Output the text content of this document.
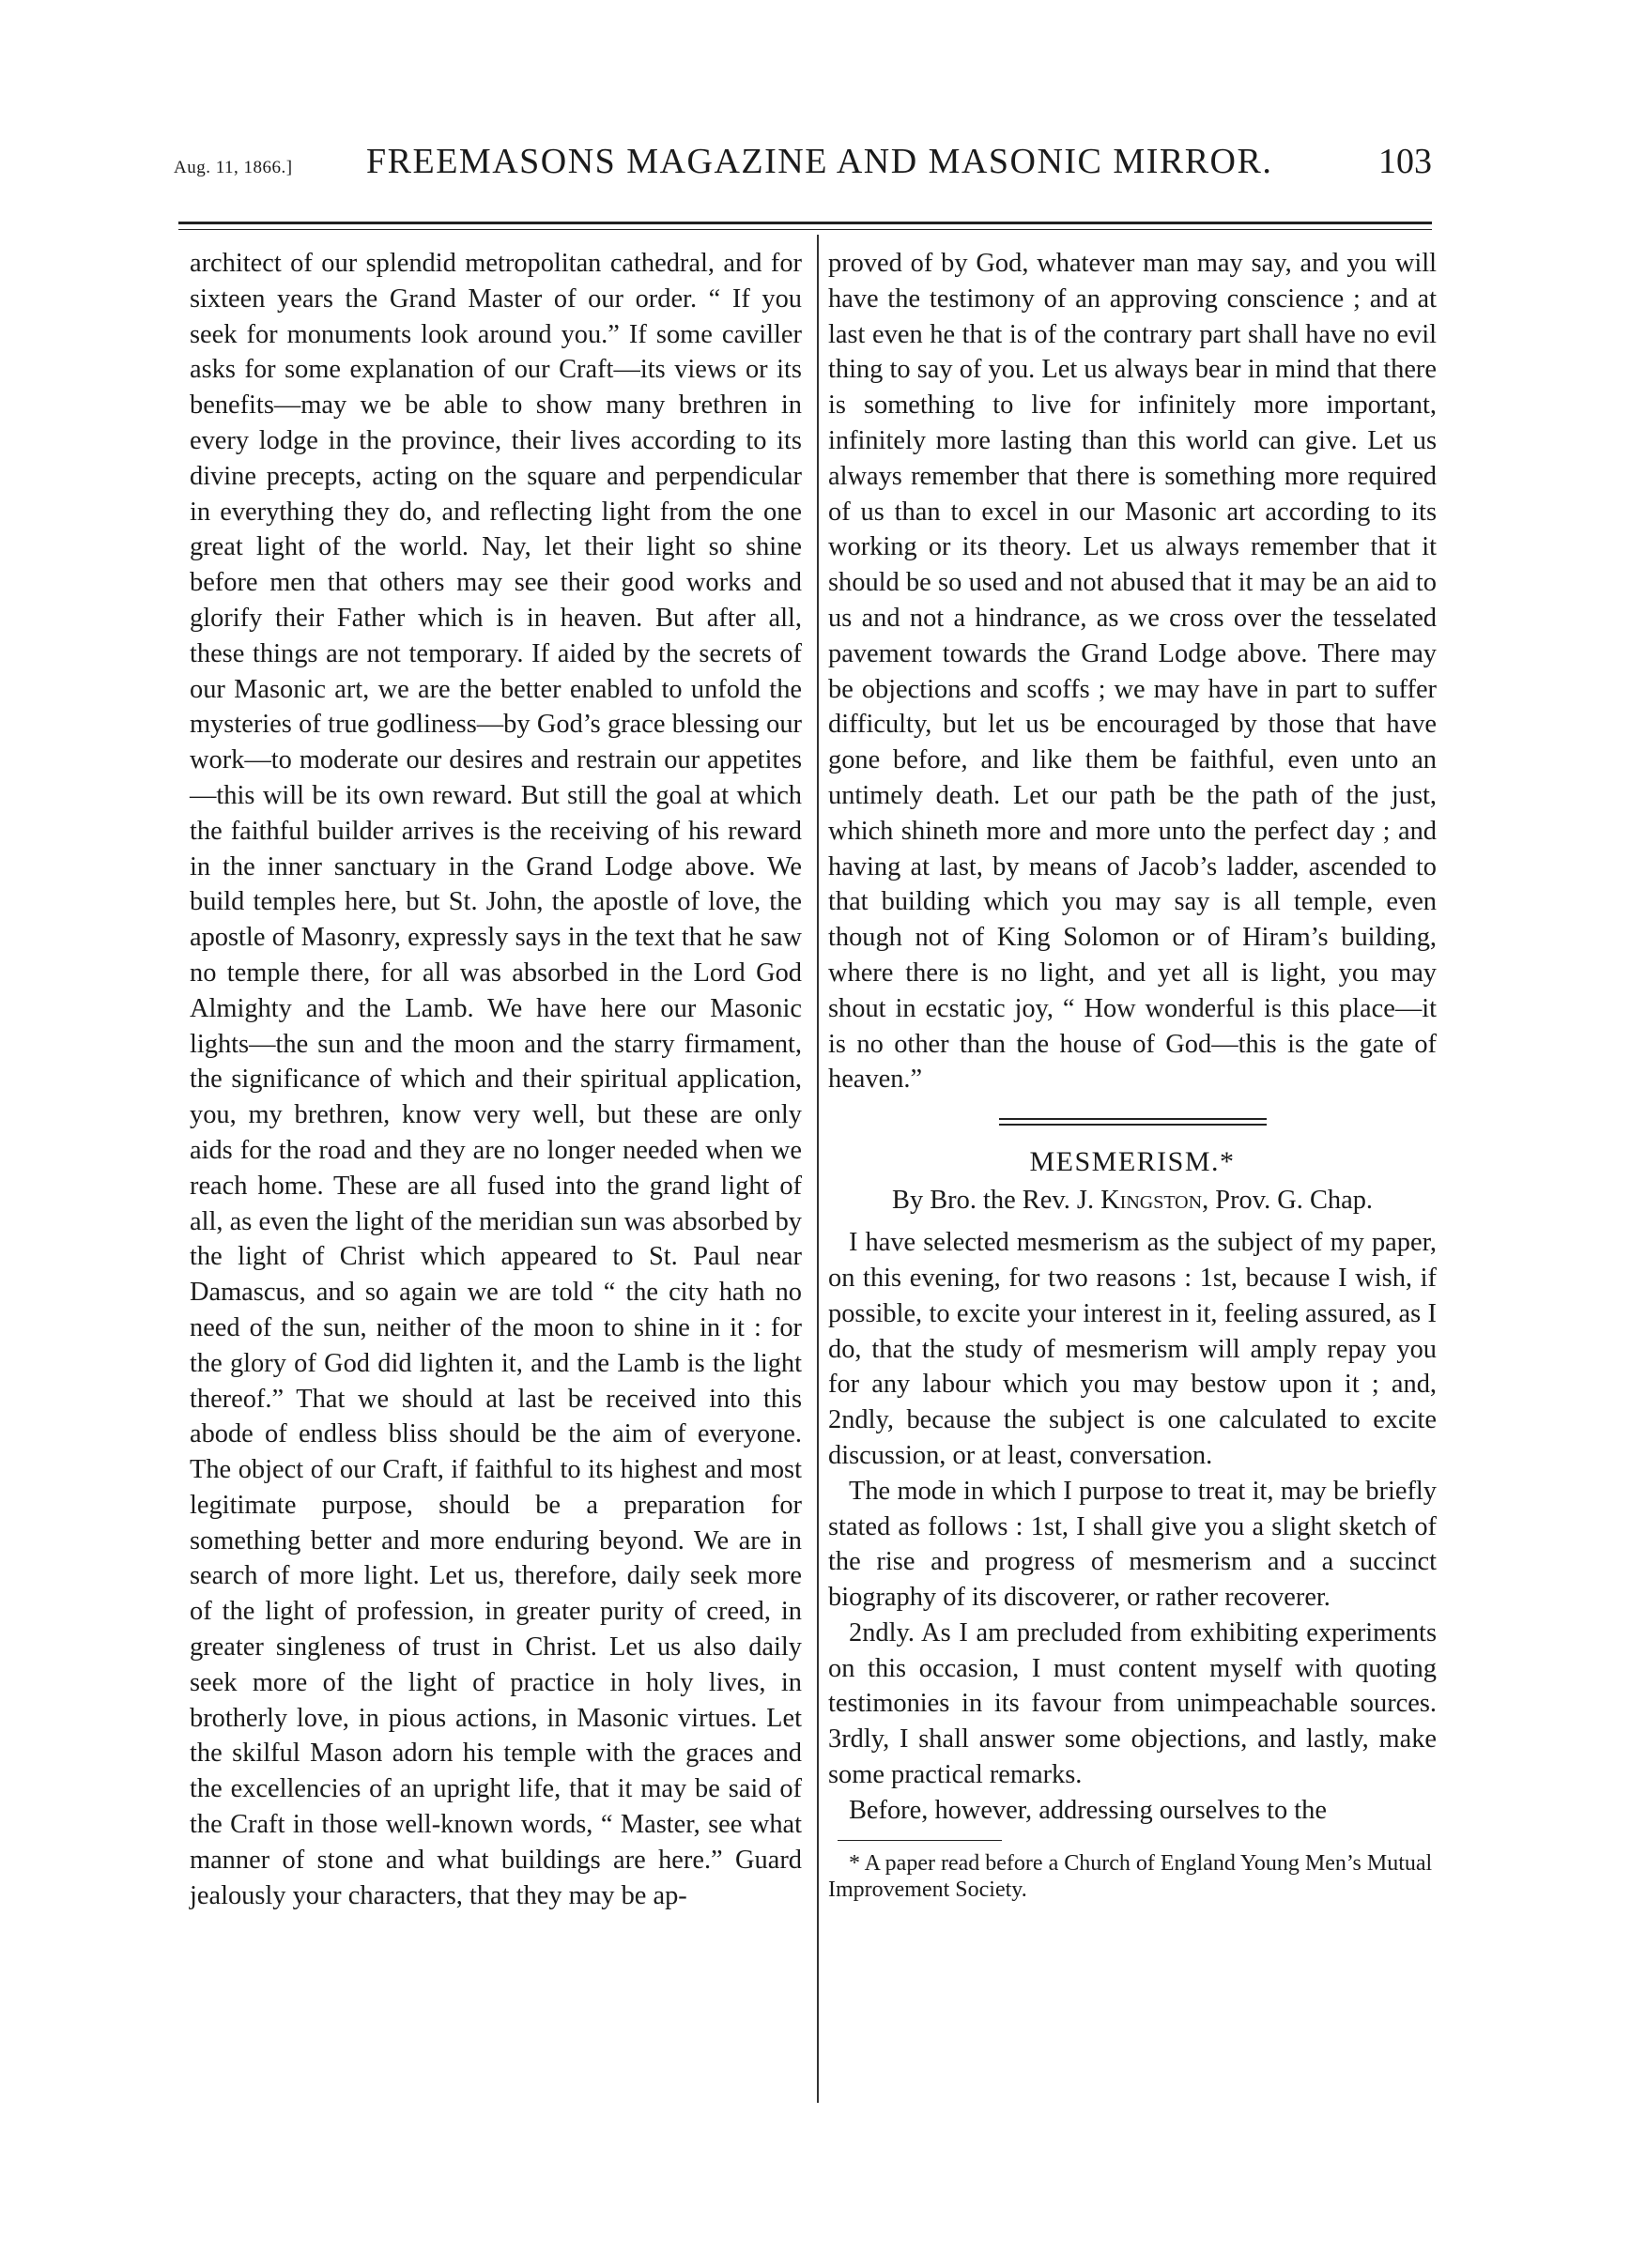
Aug. 11, 1866.] FREEMASONS MAGAZINE AND MASONIC MIRROR.	103

architect of our splendid metropolitan cathedral, and for sixteen years the Grand Master of our order. “ If you seek for monuments look around you.” If some caviller asks for some explanation of our Craft—its views or its benefits—may we be able to show many brethren in every lodge in the province, their lives according to its divine precepts, acting on the square and perpendicular in everything they do, and reflecting light from the one great light of the world. Nay, let their light so shine before men that others may see their good works and glorify their Father which is in heaven. But after all, these things are not temporary. If aided by the secrets of our Masonic art, we are the better enabled to unfold the mysteries of true godliness—by God’s grace blessing our work—to moderate our desires and restrain our appetites—this will be its own reward. But still the goal at which the faithful builder arrives is the receiving of his reward in the inner sanctuary in the Grand Lodge above. We build temples here, but St. John, the apostle of love, the apostle of Masonry, expressly says in the text that he saw no temple there, for all was absorbed in the Lord God Almighty and the Lamb. We have here our Masonic lights—the sun and the moon and the starry firmament, the significance of which and their spiritual application, you, my brethren, know very well, but these are only aids for the road and they are no longer needed when we reach home. These are all fused into the grand light of all, as even the light of the meridian sun was absorbed by the light of Christ which appeared to St. Paul near Damascus, and so again we are told “ the city hath no need of the sun, neither of the moon to shine in it : for the glory of God did lighten it, and the Lamb is the light thereof.” That we should at last be received into this abode of endless bliss should be the aim of everyone. The object of our Craft, if faithful to its highest and most legitimate purpose, should be a preparation for something better and more enduring beyond. We are in search of more light. Let us, therefore, daily seek more of the light of profession, in greater purity of creed, in greater singleness of trust in Christ. Let us also daily seek more of the light of practice in holy lives, in brotherly love, in pious actions, in Masonic virtues. Let the skilful Mason adorn his temple with the graces and the excellencies of an upright life, that it may be said of the Craft in those well-known words, “ Master, see what manner of stone and what buildings are here.” Guard jealously your characters, that they may be ap-

proved of by God, whatever man may say, and you will have the testimony of an approving conscience ; and at last even he that is of the contrary part shall have no evil thing to say of you. Let us always bear in mind that there is something to live for infinitely more important, infinitely more lasting than this world can give. Let us always remember that there is something more required of us than to excel in our Masonic art according to its working or its theory. Let us always remember that it should be so used and not abused that it may be an aid to us and not a hindrance, as we cross over the tesselated pavement towards the Grand Lodge above. There may be objections and scoffs ; we may have in part to suffer difficulty, but let us be encouraged by those that have gone before, and like them be faithful, even unto an untimely death. Let our path be the path of the just, which shineth more and more unto the perfect day ; and having at last, by means of Jacob’s ladder, ascended to that building which you may say is all temple, even though not of King Solomon or of Hiram’s building, where there is no light, and yet all is light, you may shout in ecstatic joy, “ How wonderful is this place—it is no other than the house of God—this is the gate of heaven.”

MESMERISM.*
By Bro. the Rev. J. Kingston, Prov. G. Chap.

I have selected mesmerism as the subject of my paper, on this evening, for two reasons : 1st, because I wish, if possible, to excite your interest in it, feeling assured, as I do, that the study of mesmerism will amply repay you for any labour which you may bestow upon it ; and, 2ndly, because the subject is one calculated to excite discussion, or at least, conversation.

The mode in which I purpose to treat it, may be briefly stated as follows : 1st, I shall give you a slight sketch of the rise and progress of mesmerism and a succinct biography of its discoverer, or rather recoverer.

2ndly. As I am precluded from exhibiting experiments on this occasion, I must content myself with quoting testimonies in its favour from unimpeachable sources. 3rdly, I shall answer some objections, and lastly, make some practical remarks.

Before, however, addressing ourselves to the

* A paper read before a Church of England Young Men’s Mutual Improvement Society.
